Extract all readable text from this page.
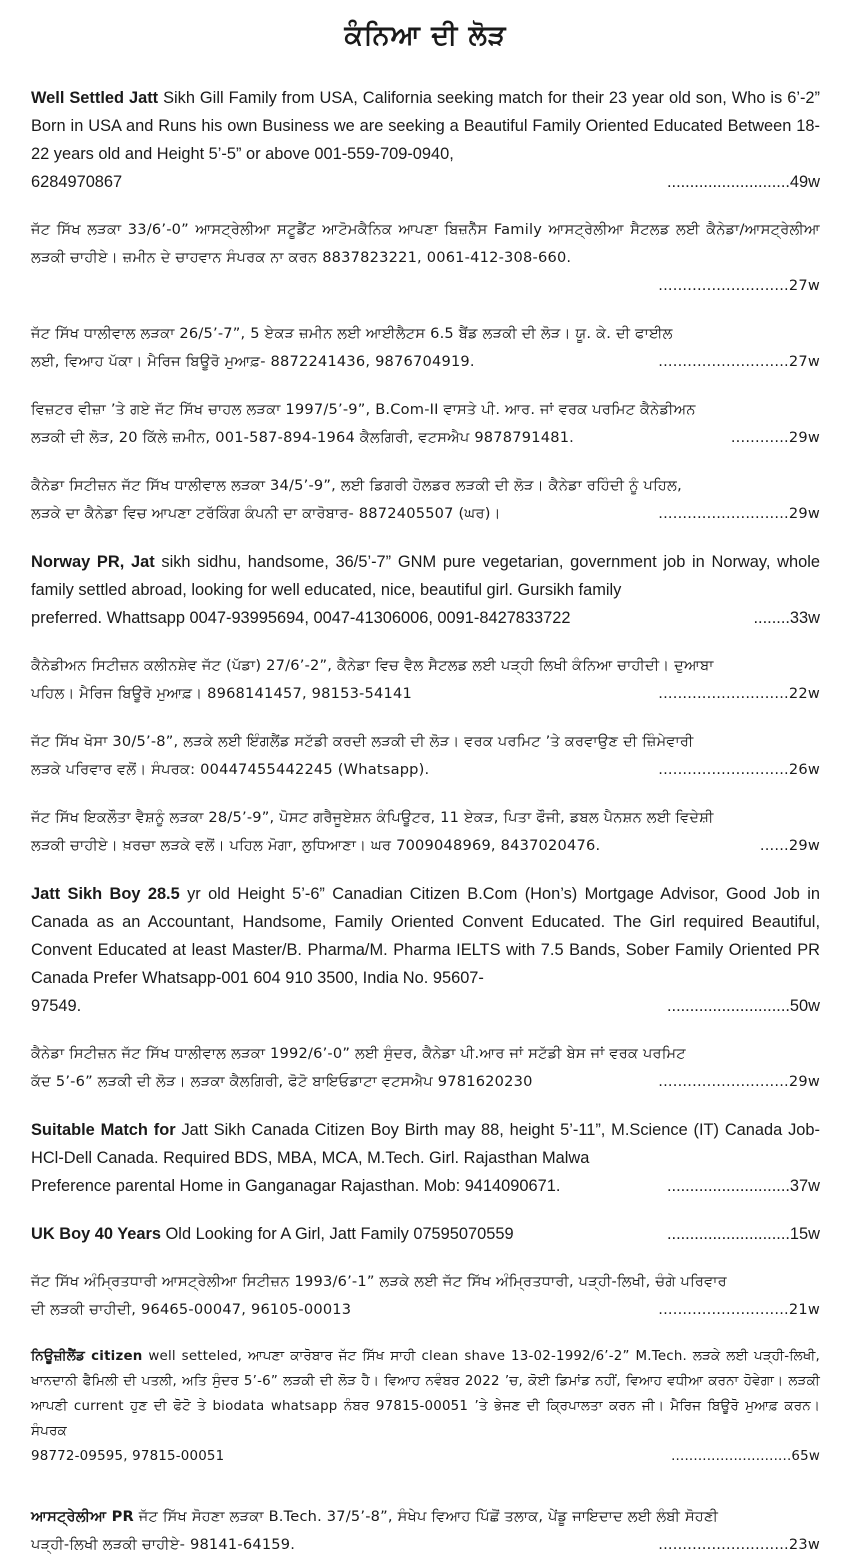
ਕੰਨਿਆ ਦੀ ਲੋੜ
Well Settled Jatt Sikh Gill Family from USA, California seeking match for their 23 year old son, Who is 6’-2” Born in USA and Runs his own Business we are seeking a Beautiful Family Oriented Educated Between 18-22 years old and Height 5’-5” or above 001-559-709-0940,
6284970867	...........................49w
ਜੱਟ ਸਿੱਖ ਲੜਕਾ 33/6’-0” ਆਸਟ੍ਰੇਲੀਆ ਸਟੂਡੈਂਟ ਆਟੋਮਕੈਨਿਕ ਆਪਣਾ ਬਿਜ਼ਨੈੱਸ Family ਆਸਟ੍ਰੇਲੀਆ ਸੈਟਲਡ ਲਈ ਕੈਨੇਡਾ/ਆਸਟ੍ਰੇਲੀਆ ਲੜਕੀ ਚਾਹੀਏ। ਜ਼ਮੀਨ ਦੇ ਚਾਹਵਾਨ ਸੰਪਰਕ ਨਾ ਕਰਨ 8837823221, 0061-412-308-660.
...........................27w
ਜੱਟ ਸਿੱਖ ਧਾਲੀਵਾਲ ਲੜਕਾ 26/5’-7”, 5 ਏਕੜ ਜ਼ਮੀਨ ਲਈ ਆਈਲੈਟਸ 6.5 ਬੈਂਡ ਲੜਕੀ ਦੀ ਲੋੜ। ਯੂ. ਕੇ. ਦੀ ਫਾਈਲ
ਲਈ, ਵਿਆਹ ਪੱਕਾ। ਮੈਰਿਜ ਬਿਊਰੋ ਮੁਆਫ਼- 8872241436, 9876704919.	...........................27w
ਵਿਜ਼ਟਰ ਵੀਜ਼ਾ ’ਤੇ ਗਏ ਜੱਟ ਸਿੱਖ ਚਾਹਲ ਲੜਕਾ 1997/5’-9”, B.Com-II ਵਾਸਤੇ ਪੀ. ਆਰ. ਜਾਂ ਵਰਕ ਪਰਮਿਟ ਕੈਨੇਡੀਅਨ
ਲੜਕੀ ਦੀ ਲੋੜ, 20 ਕਿੱਲੇ ਜ਼ਮੀਨ, 001-587-894-1964 ਕੈਲਗਿਰੀ, ਵਟਸਐਪ 9878791481.	............29w
ਕੈਨੇਡਾ ਸਿਟੀਜ਼ਨ ਜੱਟ ਸਿੱਖ ਧਾਲੀਵਾਲ ਲੜਕਾ 34/5’-9”, ਲਈ ਡਿਗਰੀ ਹੋਲਡਰ ਲੜਕੀ ਦੀ ਲੋੜ। ਕੈਨੇਡਾ ਰਹਿੰਦੀ ਨੂੰ ਪਹਿਲ,
ਲੜਕੇ ਦਾ ਕੈਨੇਡਾ ਵਿਚ ਆਪਣਾ ਟਰੱਕਿੰਗ ਕੰਪਨੀ ਦਾ ਕਾਰੋਬਾਰ- 8872405507 (ਘਰ)।	...........................29w
Norway PR, Jat sikh sidhu, handsome, 36/5’-7” GNM pure vegetarian, government job in Norway, whole family settled abroad, looking for well educated, nice, beautiful girl. Gursikh family
preferred. Whattsapp 0047-93995694, 0047-41306006, 0091-8427833722	........33w
ਕੈਨੇਡੀਅਨ ਸਿਟੀਜ਼ਨ ਕਲੀਨਸ਼ੇਵ ਜੱਟ (ਪੱਡਾ) 27/6’-2”, ਕੈਨੇਡਾ ਵਿਚ ਵੈਲ ਸੈਟਲਡ ਲਈ ਪੜ੍ਹੀ ਲਿਖੀ ਕੰਨਿਆ ਚਾਹੀਦੀ। ਦੁਆਬਾ
ਪਹਿਲ। ਮੈਰਿਜ ਬਿਊਰੋ ਮੁਆਫ਼। 8968141457, 98153-54141	...........................22w
ਜੱਟ ਸਿੱਖ ਖੋਸਾ 30/5’-8”, ਲੜਕੇ ਲਈ ਇੰਗਲੈਂਡ ਸਟੱਡੀ ਕਰਦੀ ਲੜਕੀ ਦੀ ਲੋੜ। ਵਰਕ ਪਰਮਿਟ ’ਤੇ ਕਰਵਾਉਣ ਦੀ ਜ਼ਿੰਮੇਵਾਰੀ
ਲੜਕੇ ਪਰਿਵਾਰ ਵਲੋਂ। ਸੰਪਰਕ: 00447455442245 (Whatsapp).	...........................26w
ਜੱਟ ਸਿੱਖ ਇਕਲੌਤਾ ਵੈਸ਼ਨੂੰ ਲੜਕਾ 28/5’-9”, ਪੋਸਟ ਗਰੈਜੂਏਸ਼ਨ ਕੰਪਿਊਟਰ, 11 ਏਕੜ, ਪਿਤਾ ਫੌਜੀ, ਡਬਲ ਪੈਨਸ਼ਨ ਲਈ ਵਿਦੇਸ਼ੀ
ਲੜਕੀ ਚਾਹੀਏ। ਖ਼ਰਚਾ ਲੜਕੇ ਵਲੋਂ। ਪਹਿਲ ਮੋਗਾ, ਲੁਧਿਆਣਾ। ਘਰ 7009048969, 8437020476.	......29w
Jatt Sikh Boy 28.5 yr old Height 5’-6” Canadian Citizen B.Com (Hon’s) Mortgage Advisor, Good Job in Canada as an Accountant, Handsome, Family Oriented Convent Educated. The Girl required Beautiful, Convent Educated at least Master/B. Pharma/M. Pharma IELTS with 7.5 Bands, Sober Family Oriented PR Canada Prefer Whatsapp-001 604 910 3500, India No. 95607-
97549.	...........................50w
ਕੈਨੇਡਾ ਸਿਟੀਜ਼ਨ ਜੱਟ ਸਿੱਖ ਧਾਲੀਵਾਲ ਲੜਕਾ 1992/6’-0” ਲਈ ਸੁੰਦਰ, ਕੈਨੇਡਾ ਪੀ.ਆਰ ਜਾਂ ਸਟੱਡੀ ਬੇਸ ਜਾਂ ਵਰਕ ਪਰਮਿਟ
ਕੱਦ 5’-6” ਲੜਕੀ ਦੀ ਲੋੜ। ਲੜਕਾ ਕੈਲਗਿਰੀ, ਫੋਟੋ ਬਾਇਓਡਾਟਾ ਵਟਸਐਪ 9781620230	...........................29w
Suitable Match for Jatt Sikh Canada Citizen Boy Birth may 88, height 5’-11”, M.Science (IT) Canada Job-HCl-Dell Canada. Required BDS, MBA, MCA, M.Tech. Girl. Rajasthan Malwa
Preference parental Home in Ganganagar Rajasthan. Mob: 9414090671.	...........................37w
UK Boy 40 Years Old Looking for A Girl, Jatt Family 07595070559	...........................15w
ਜੱਟ ਸਿੱਖ ਅੰਮ੍ਰਿਤਧਾਰੀ ਆਸਟ੍ਰੇਲੀਆ ਸਿਟੀਜ਼ਨ 1993/6’-1” ਲੜਕੇ ਲਈ ਜੱਟ ਸਿੱਖ ਅੰਮ੍ਰਿਤਧਾਰੀ, ਪੜ੍ਹੀ-ਲਿਖੀ, ਚੰਗੇ ਪਰਿਵਾਰ
ਦੀ ਲੜਕੀ ਚਾਹੀਦੀ, 96465-00047, 96105-00013	...........................21w
ਨਿਊਜ਼ੀਲੈਂਡ citizen well setteled, ਆਪਣਾ ਕਾਰੋਬਾਰ ਜੱਟ ਸਿੱਖ ਸਾਹੀ clean shave 13-02-1992/6’-2” M.Tech. ਲੜਕੇ ਲਈ ਪੜ੍ਹੀ-ਲਿਖੀ, ਖਾਨਦਾਨੀ ਫੈਮਿਲੀ ਦੀ ਪਤਲੀ, ਅਤਿ ਸੁੰਦਰ 5’-6” ਲੜਕੀ ਦੀ ਲੋੜ ਹੈ। ਵਿਆਹ ਨਵੰਬਰ 2022 ’ਚ, ਕੋਈ ਡਿਮਾਂਡ ਨਹੀਂ, ਵਿਆਹ ਵਧੀਆ ਕਰਨਾ ਹੋਵੇਗਾ। ਲੜਕੀ ਆਪਣੀ current ਹੁਣ ਦੀ ਫੋਟੋ ਤੇ biodata whatsapp ਨੰਬਰ 97815-00051 ’ਤੇ ਭੇਜਣ ਦੀ ਕ੍ਰਿਪਾਲਤਾ ਕਰਨ ਜੀ। ਮੈਰਿਜ ਬਿਊਰੋ ਮੁਆਫ਼ ਕਰਨ। ਸੰਪਰਕ
98772-09595, 97815-00051	...........................65w
ਆਸਟ੍ਰੇਲੀਆ PR ਜੱਟ ਸਿੱਖ ਸੋਹਣਾ ਲੜਕਾ B.Tech. 37/5’-8”, ਸੰਖੇਪ ਵਿਆਹ ਪਿੱਛੋਂ ਤਲਾਕ, ਪੇਂਡੂ ਜਾਇਦਾਦ ਲਈ ਲੰਬੀ ਸੋਹਣੀ
ਪੜ੍ਹੀ-ਲਿਖੀ ਲੜਕੀ ਚਾਹੀਏ- 98141-64159.	...........................23w
